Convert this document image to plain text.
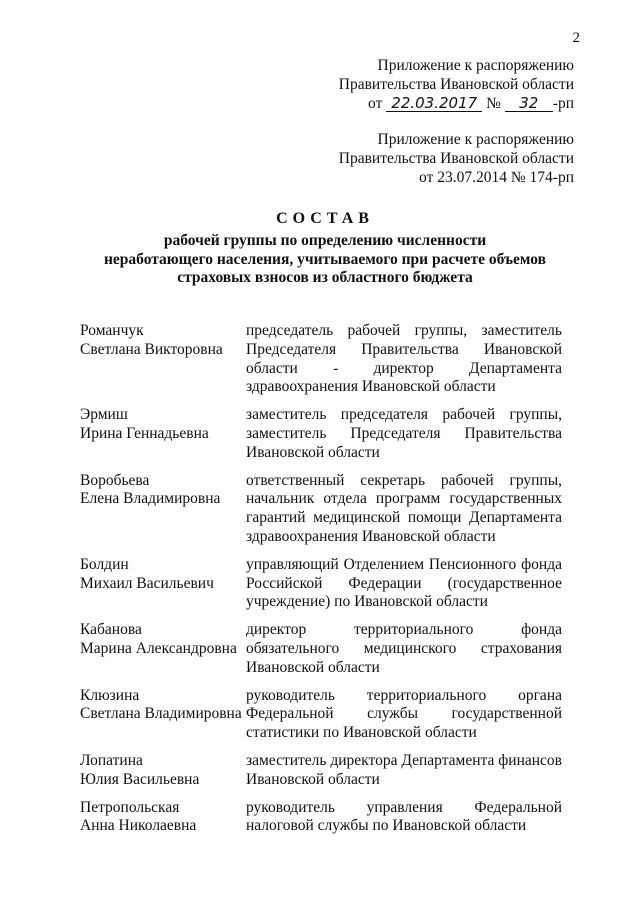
2
Приложение к распоряжению
Правительства Ивановской области
от 22.03.2017 № 32 -рп
Приложение к распоряжению
Правительства Ивановской области
от 23.07.2014 № 174-рп
СОСТАВ
рабочей группы по определению численности
неработающего населения, учитываемого при расчете объемов
страховых взносов из областного бюджета
Романчук
Светлана Викторовна
председатель рабочей группы, заместитель Председателя Правительства Ивановской области - директор Департамента здравоохранения Ивановской области
Эрмиш
Ирина Геннадьевна
заместитель председателя рабочей группы, заместитель Председателя Правительства Ивановской области
Воробьева
Елена Владимировна
ответственный секретарь рабочей группы, начальник отдела программ государственных гарантий медицинской помощи Департамента здравоохранения Ивановской области
Болдин
Михаил Васильевич
управляющий Отделением Пенсионного фонда Российской Федерации (государственное учреждение) по Ивановской области
Кабанова
Марина Александровна
директор территориального фонда обязательного медицинского страхования Ивановской области
Клюзина
Светлана Владимировна
руководитель территориального органа Федеральной службы государственной статистики по Ивановской области
Лопатина
Юлия Васильевна
заместитель директора Департамента финансов Ивановской области
Петропольская
Анна Николаевна
руководитель управления Федеральной налоговой службы по Ивановской области
